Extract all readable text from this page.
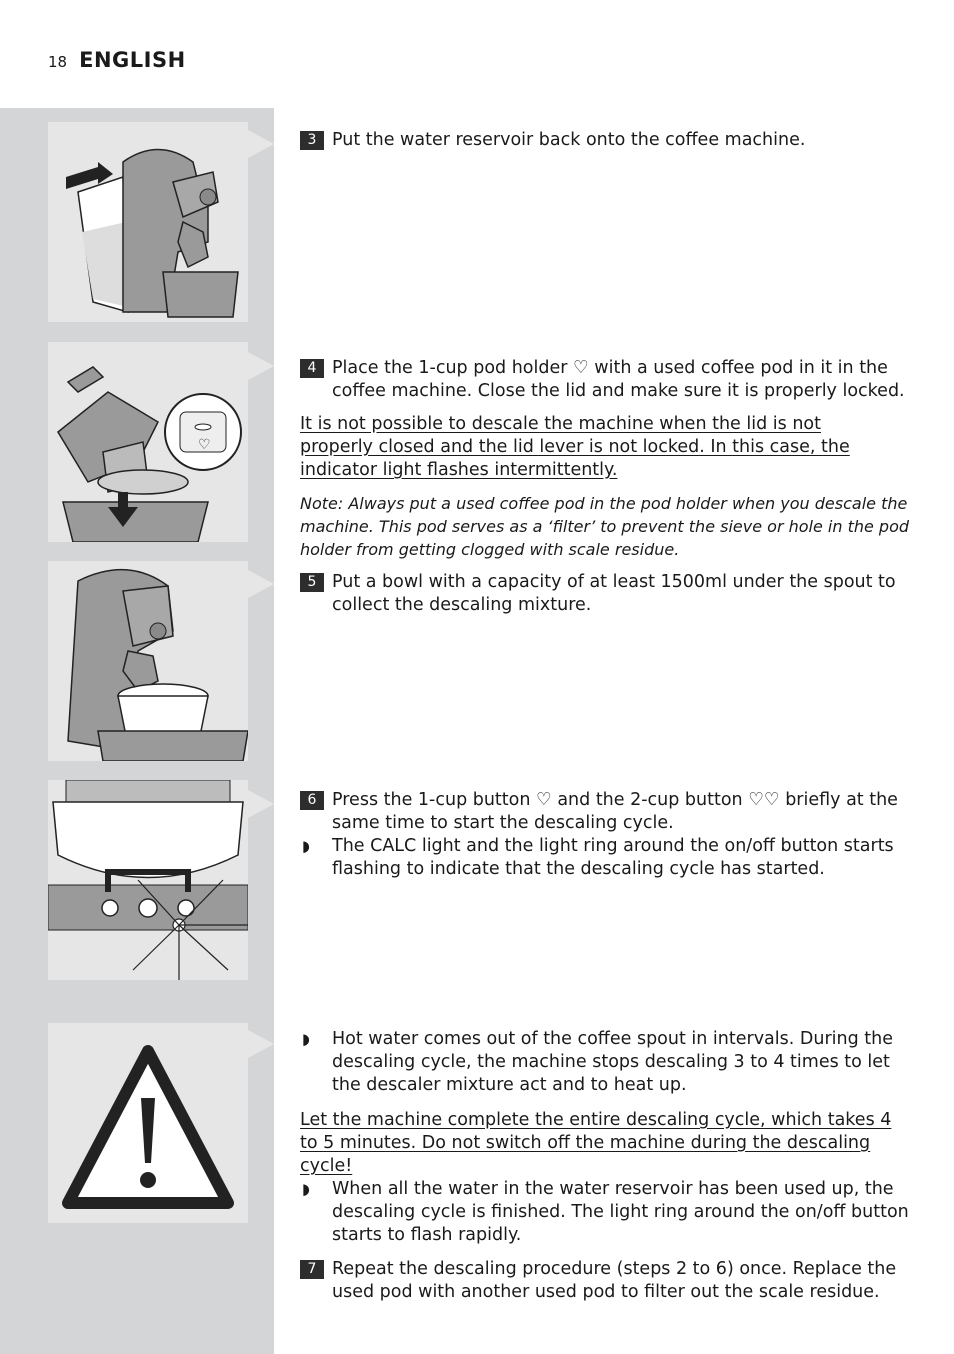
18 ENGLISH
♡
3 Put the water reservoir back onto the coffee machine.
4 Place the 1-cup pod holder ♡ with a used coffee pod in it in the coffee machine. Close the lid and make sure it is properly locked.
It is not possible to descale the machine when the lid is not properly closed and the lid lever is not locked. In this case, the indicator light flashes intermittently.
Note: Always put a used coffee pod in the pod holder when you descale the machine. This pod serves as a ‘filter’ to prevent the sieve or hole in the pod holder from getting clogged with scale residue.
5 Put a bowl with a capacity of at least 1500ml under the spout to collect the descaling mixture.
6 Press the 1-cup button ♡ and the 2-cup button ♡♡ briefly at the same time to start the descaling cycle.
◗ The CALC light and the light ring around the on/off button starts flashing to indicate that the descaling cycle has started.
◗ Hot water comes out of the coffee spout in intervals. During the descaling cycle, the machine stops descaling 3 to 4 times to let the descaler mixture act and to heat up.
Let the machine complete the entire descaling cycle, which takes 4 to 5 minutes. Do not switch off the machine during the descaling cycle!
◗ When all the water in the water reservoir has been used up, the descaling cycle is finished. The light ring around the on/off button starts to flash rapidly.
7 Repeat the descaling procedure (steps 2 to 6) once. Replace the used pod with another used pod to filter out the scale residue.
